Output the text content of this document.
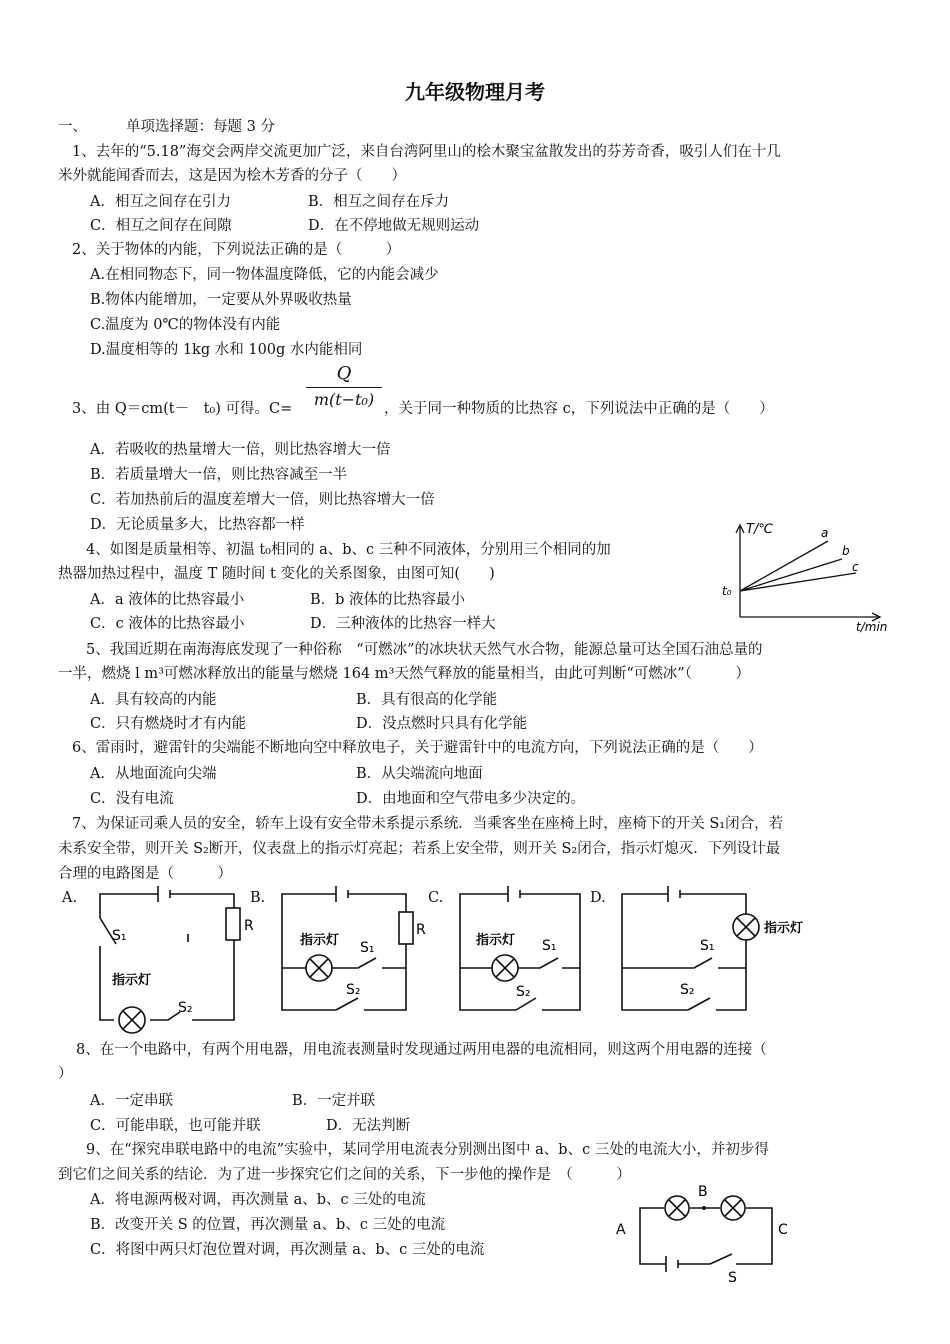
九年级物理月考
一、	单项选择题：每题 3 分
1、去年的“5.18”海交会两岸交流更加广泛，来自台湾阿里山的桧木聚宝盆散发出的芬芳奇香，吸引人们在十几
米外就能闻香而去，这是因为桧木芳香的分子（　　）
A．相互之间存在引力	B．相互之间存在斥力
C．相互之间存在间隙	D．在不停地做无规则运动
2、关于物体的内能，下列说法正确的是（　　　）
A.在相同物态下，同一物体温度降低，它的内能会减少
B.物体内能增加，一定要从外界吸收热量
C.温度为 0℃的物体没有内能
D.温度相等的 1kg 水和 100g 水内能相同
3、由 Q＝cm(t－　t₀) 可得。C=
Q
m(t−t₀) ，关于同一种物质的比热容 c，下列说法中正确的是（　　）
A．若吸收的热量增大一倍，则比热容增大一倍
B．若质量增大一倍，则比热容减至一半
C．若加热前后的温度差增大一倍，则比热容增大一倍
D．无论质量多大，比热容都一样
4、如图是质量相等、初温 t₀相同的 a、b、c 三种不同液体，分别用三个相同的加
热器加热过程中，温度 T 随时间 t 变化的关系图象，由图可知(　　)
A．a 液体的比热容最小	B．b 液体的比热容最小
C．c 液体的比热容最小	D．三种液体的比热容一样大
T/℃
t₀
t/min
a
b
c
5、我国近期在南海海底发现了一种俗称　“可燃冰”的冰块状天然气水合物，能源总量可达全国石油总量的
一半，燃烧 l m³可燃冰释放出的能量与燃烧 164 m³天然气释放的能量相当，由此可判断“可燃冰”（　　　）
A．具有较高的内能	B．具有很高的化学能
C．只有燃烧时才有内能	D．没点燃时只具有化学能
6、雷雨时，避雷针的尖端能不断地向空中释放电子，关于避雷针中的电流方向，下列说法正确的是（　　）
A．从地面流向尖端	B．从尖端流向地面
C．没有电流	D．由地面和空气带电多少决定的。
7、为保证司乘人员的安全，轿车上设有安全带未系提示系统．当乘客坐在座椅上时，座椅下的开关 S₁闭合，若
未系安全带，则开关 S₂断开，仪表盘上的指示灯亮起；若系上安全带，则开关 S₂闭合，指示灯熄灭．下列设计最
合理的电路图是（　　　）
A.
S₁
S₂
R
指示灯
B.
指示灯 S₁
S₂
R
C.
指示灯 S₁
S₂
D.
指示灯
S₁
S₂
8、在一个电路中，有两个用电器，用电流表测量时发现通过两用电器的电流相同，则这两个用电器的连接（
）
A．一定串联	B．一定并联
C．可能串联，也可能并联	D．无法判断
9、在“探究串联电路中的电流”实验中，某同学用电流表分别测出图中 a、b、c 三处的电流大小，并初步得
到它们之间关系的结论．为了进一步探究它们之间的关系，下一步他的操作是　（　　　）
A．将电源两极对调，再次测量 a、b、c 三处的电流
B．改变开关 S 的位置，再次测量 a、b、c 三处的电流
C．将图中两只灯泡位置对调，再次测量 a、b、c 三处的电流
A
B
C
S
